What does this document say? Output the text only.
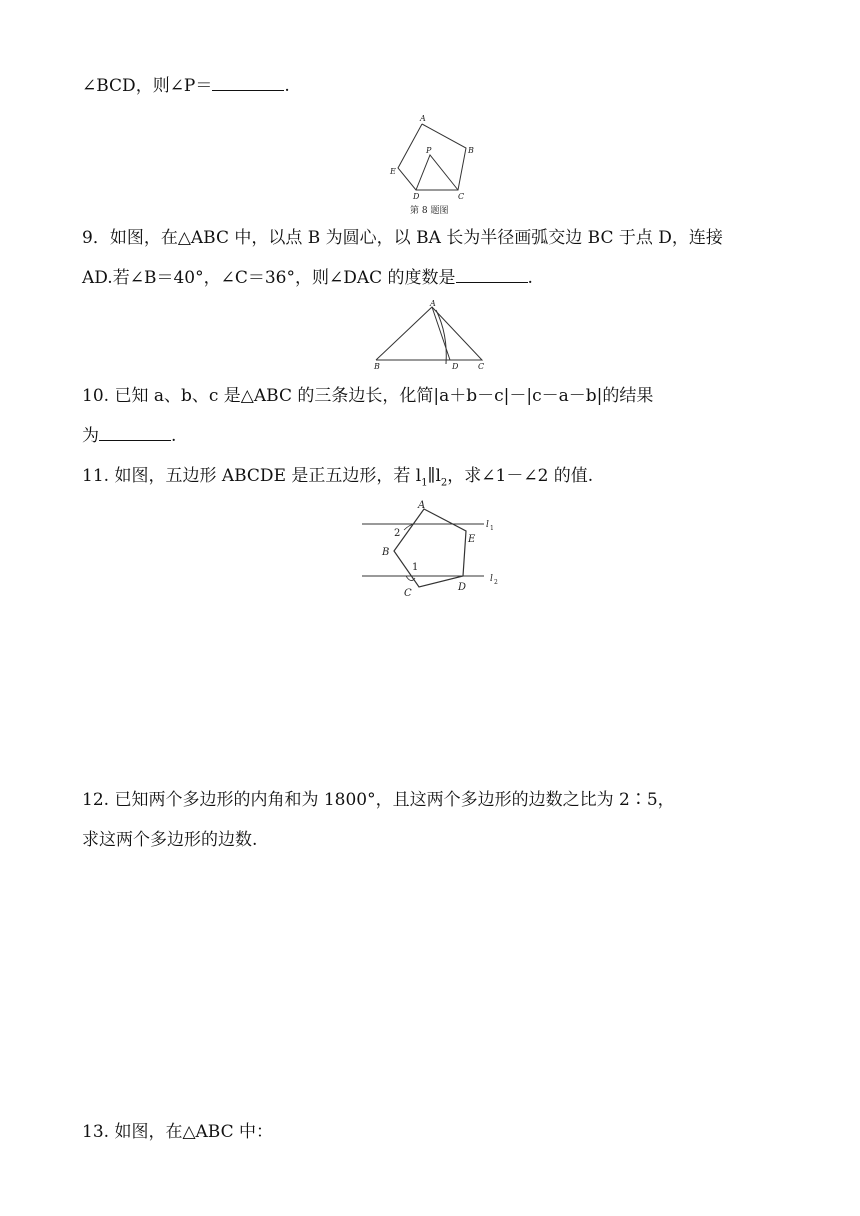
∠BCD，则∠P＝	.
A
B
C
D
E
P
第 8 题图
9．如图，在△ABC 中，以点 B 为圆心，以 BA 长为半径画弧交边 BC 于点 D，连接
AD.若∠B＝40°，∠C＝36°，则∠DAC 的度数是	.
A
B	D C
10. 已知 a、b、c 是△ABC 的三条边长，化简|a＋b－c|－|c－a－b|的结果
为	.
11. 如图，五边形 ABCDE 是正五边形，若 $l_1\parallel l_2$，求∠1－∠2 的值.
A
B
C
D
E
1
2
l 1
l 2
12. 已知两个多边形的内角和为 1800°，且这两个多边形的边数之比为 2∶5，
求这两个多边形的边数.
13. 如图，在△ABC 中：
